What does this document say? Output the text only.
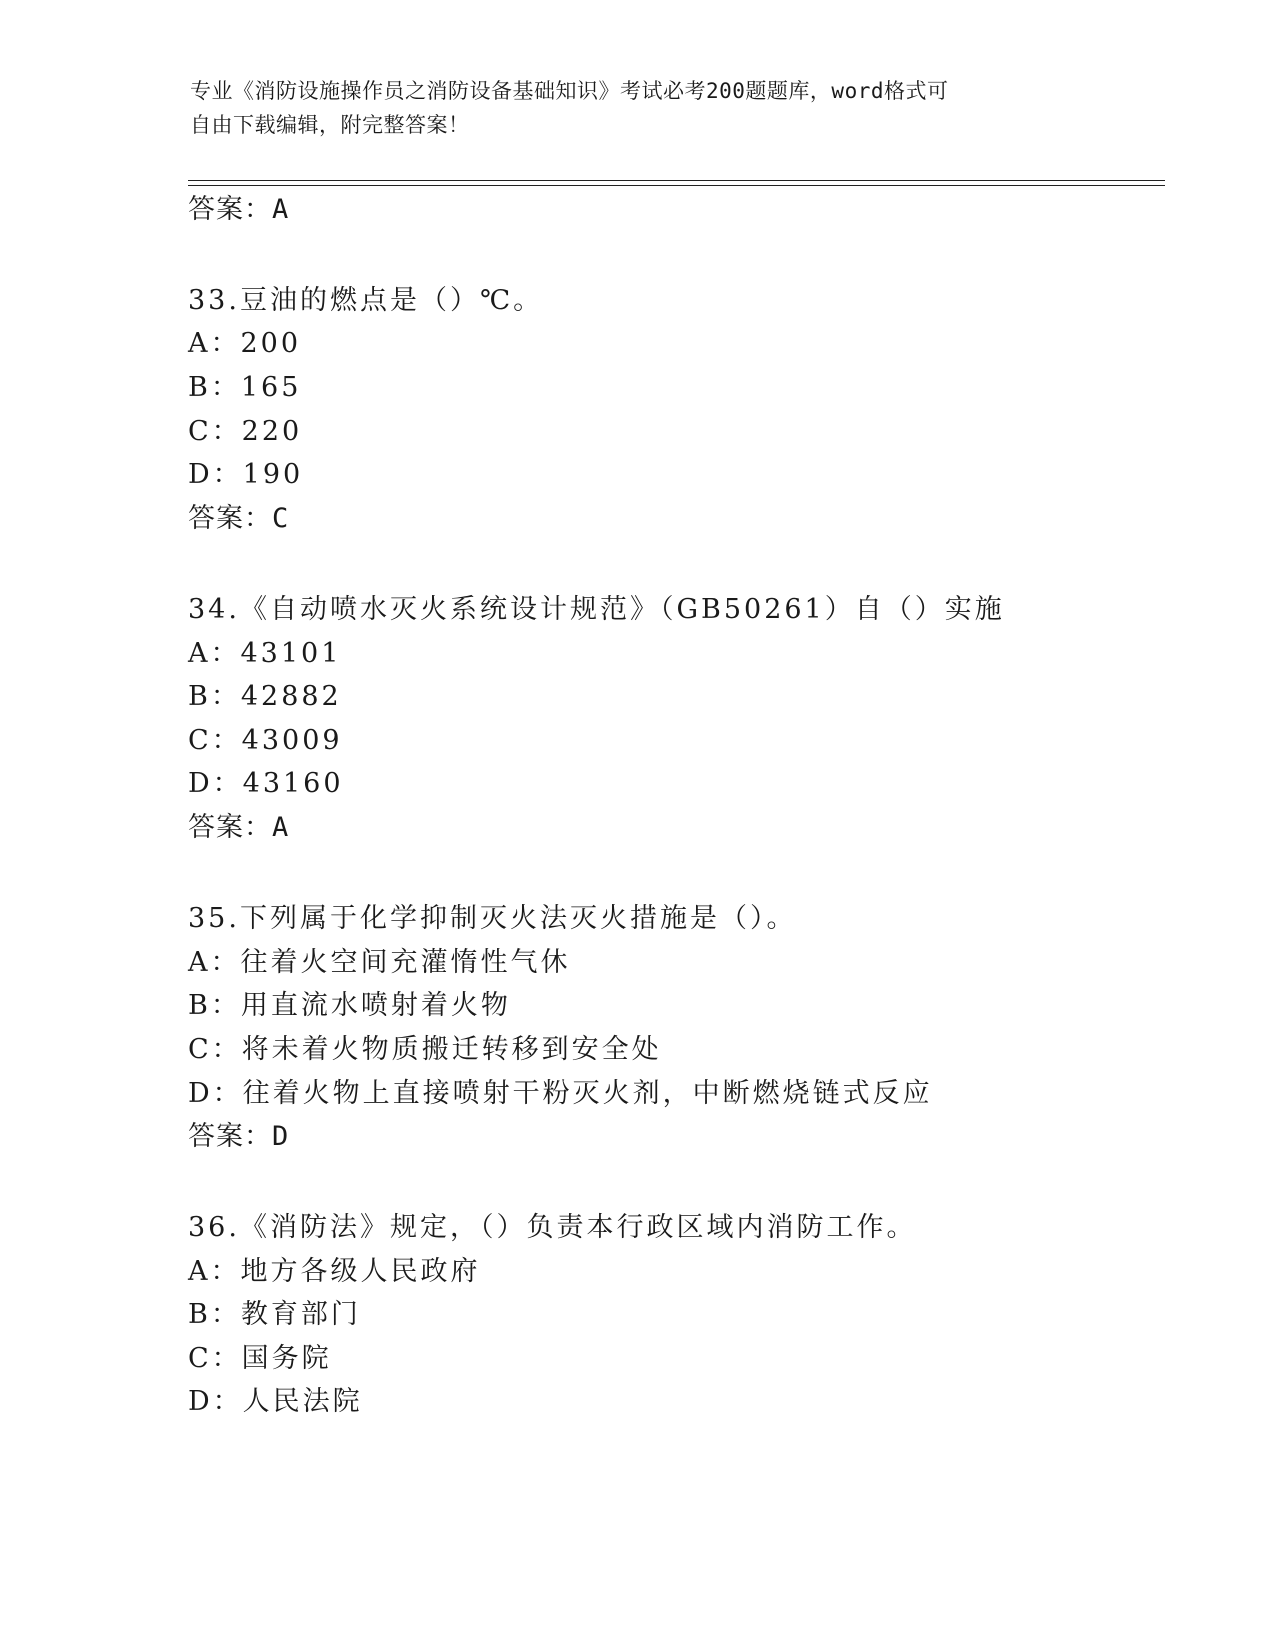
专业《消防设施操作员之消防设备基础知识》考试必考200题题库，word格式可
自由下载编辑，附完整答案！
答案：A
33.豆油的燃点是（）℃。
A：200
B：165
C：220
D：190
答案：C
34.《自动喷水灭火系统设计规范》（GB50261）自（）实施
A：43101
B：42882
C：43009
D：43160
答案：A
35.下列属于化学抑制灭火法灭火措施是（）。
A：往着火空间充灌惰性气休
B：用直流水喷射着火物
C：将未着火物质搬迁转移到安全处
D：往着火物上直接喷射干粉灭火剂，中断燃烧链式反应
答案：D
36.《消防法》规定，（）负责本行政区域内消防工作。
A：地方各级人民政府
B：教育部门
C：国务院
D：人民法院
